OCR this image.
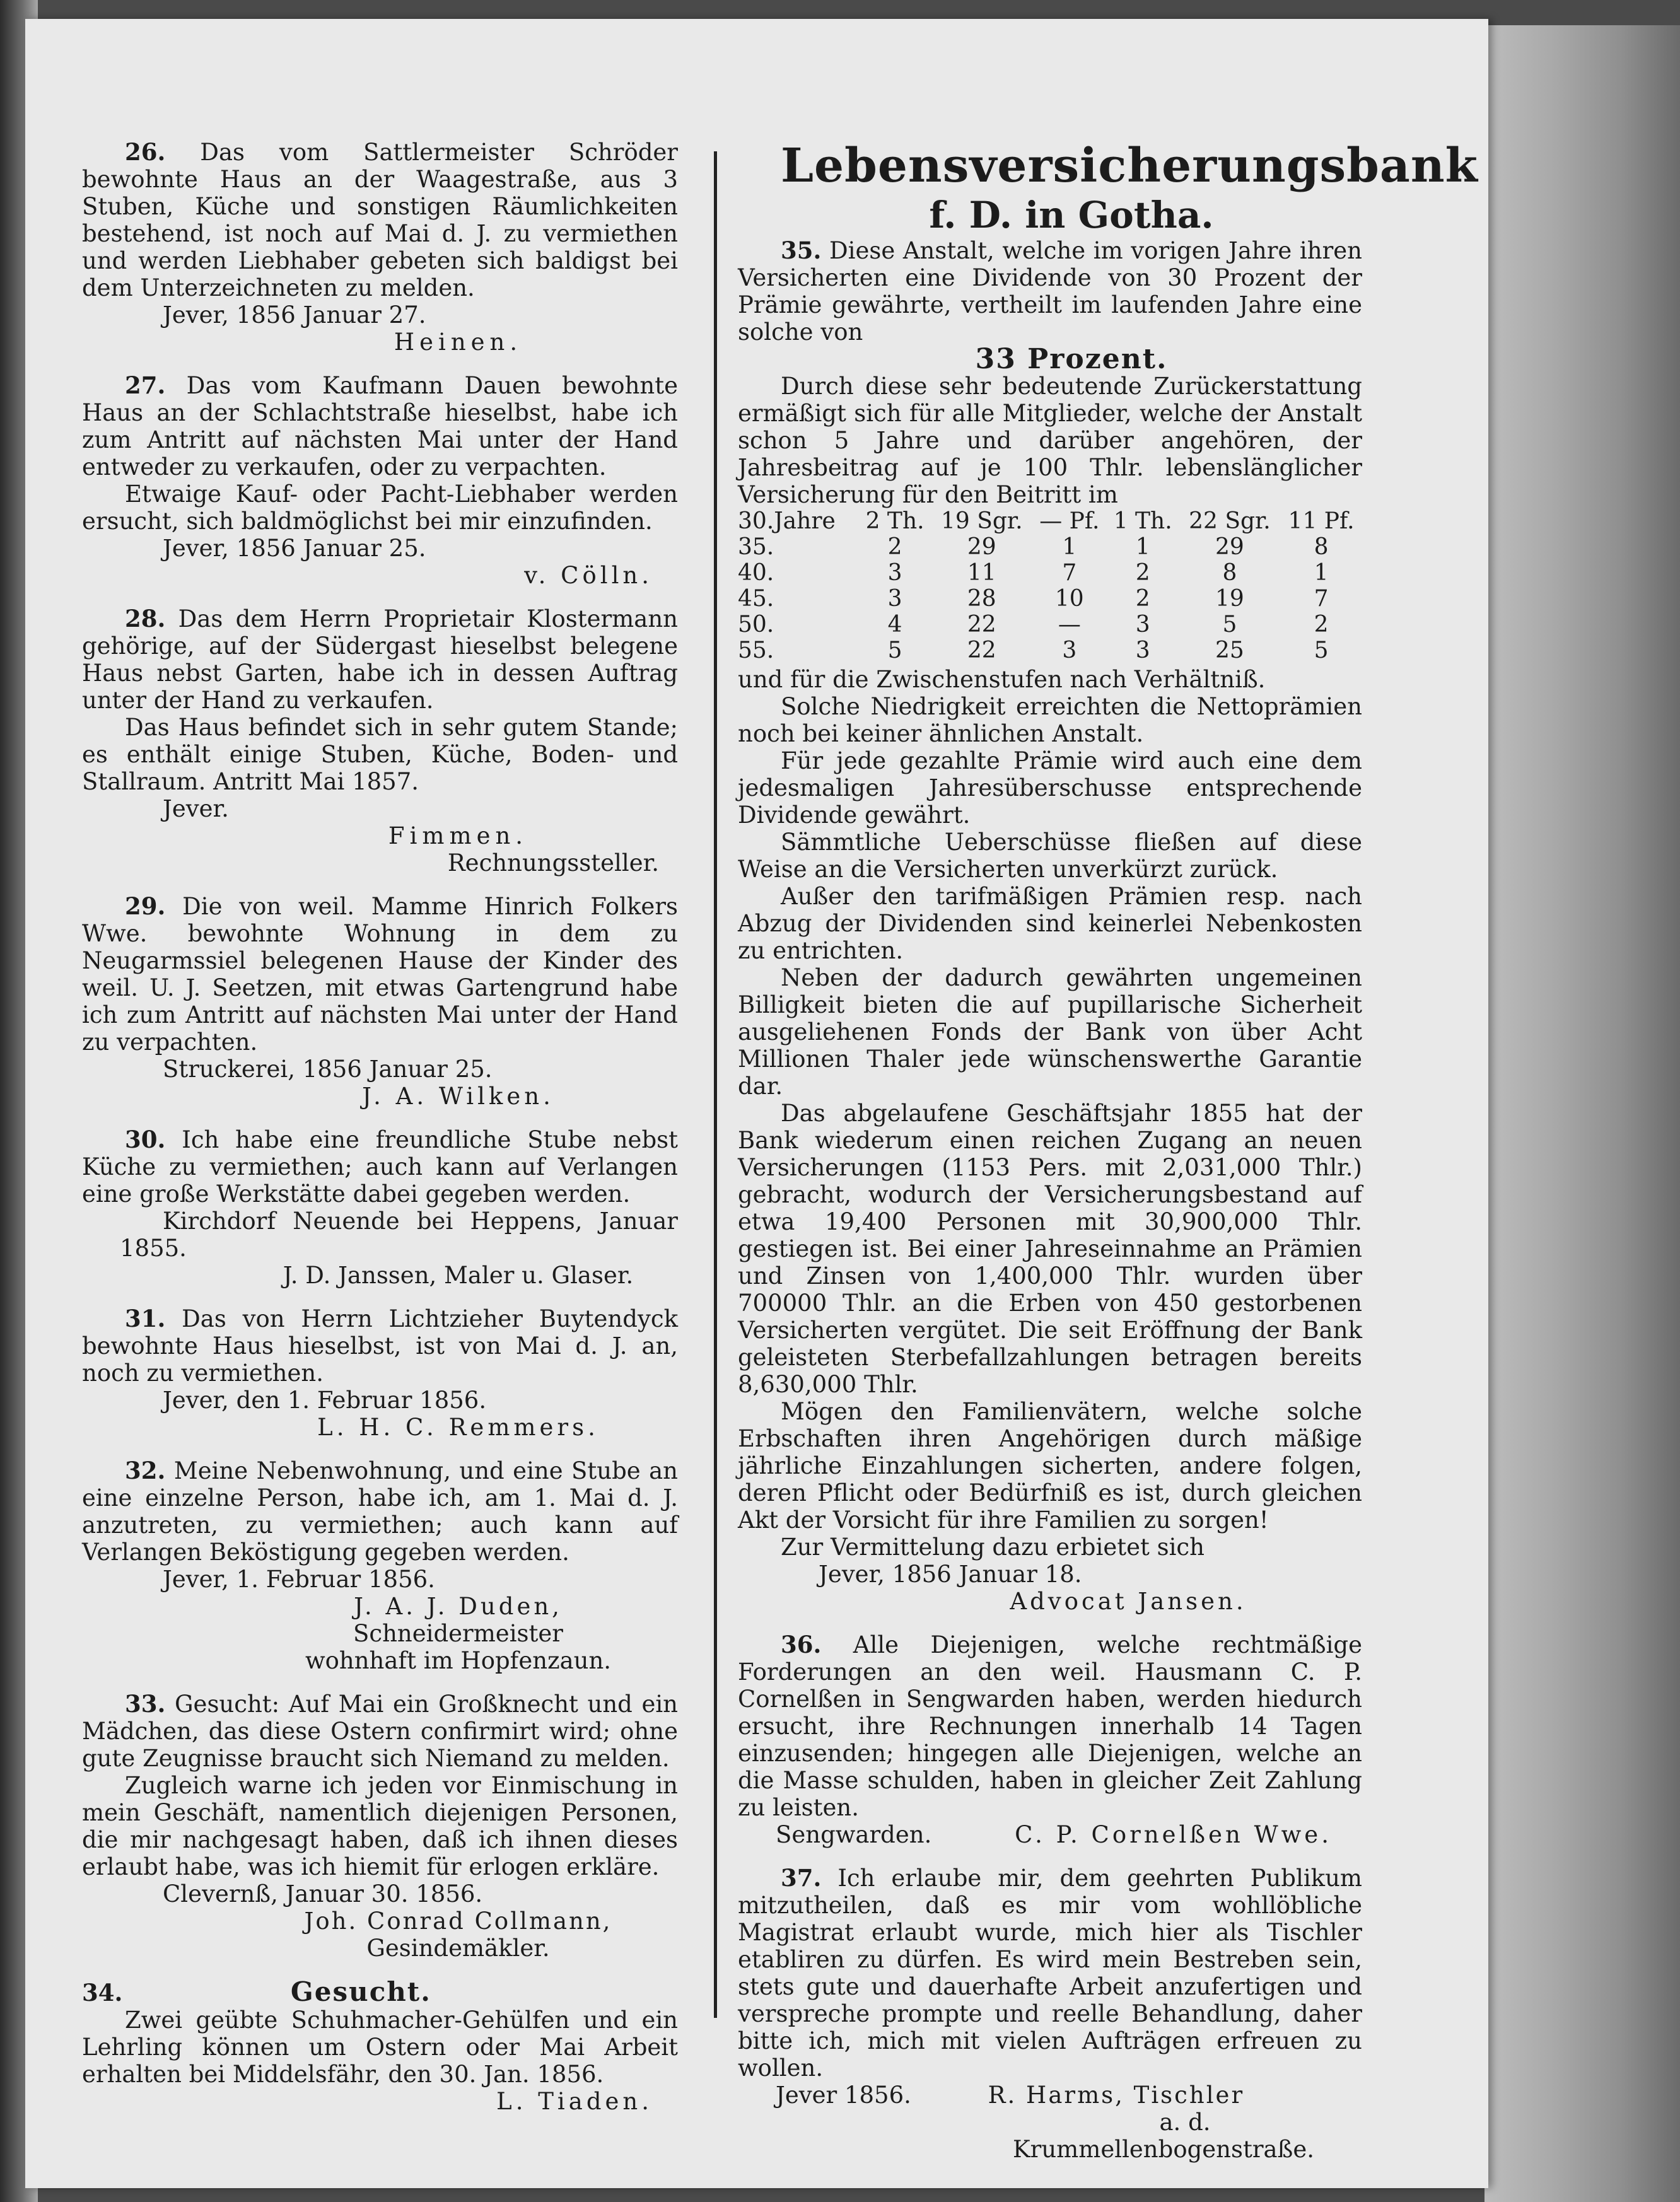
26. Das vom Sattlermeister Schröder bewohnte Haus an der Waagestraße, aus 3 Stuben, Küche und sonstigen Räumlichkeiten bestehend, ist noch auf Mai d. J. zu vermiethen und werden Liebhaber gebeten sich baldigst bei dem Unterzeichneten zu melden.

Jever, 1856 Januar 27.

Heinen.

27. Das vom Kaufmann Dauen bewohnte Haus an der Schlachtstraße hieselbst, habe ich zum Antritt auf nächsten Mai unter der Hand entweder zu verkaufen, oder zu verpachten.

Etwaige Kauf- oder Pacht-Liebhaber werden ersucht, sich baldmöglichst bei mir einzufinden.

Jever, 1856 Januar 25.

v. Cölln.

28. Das dem Herrn Proprietair Klostermann gehörige, auf der Südergast hieselbst belegene Haus nebst Garten, habe ich in dessen Auftrag unter der Hand zu verkaufen.

Das Haus befindet sich in sehr gutem Stande; es enthält einige Stuben, Küche, Boden- und Stallraum. Antritt Mai 1857.

Jever.

Fimmen.

Rechnungssteller.

29. Die von weil. Mamme Hinrich Folkers Wwe. bewohnte Wohnung in dem zu Neugarmssiel belegenen Hause der Kinder des weil. U. J. Seetzen, mit etwas Gartengrund habe ich zum Antritt auf nächsten Mai unter der Hand zu verpachten.

Struckerei, 1856 Januar 25.

J. A. Wilken.

30. Ich habe eine freundliche Stube nebst Küche zu vermiethen; auch kann auf Verlangen eine große Werkstätte dabei gegeben werden.

Kirchdorf Neuende bei Heppens, Januar 1855.

J. D. Janssen, Maler u. Glaser.

31. Das von Herrn Lichtzieher Buytendyck bewohnte Haus hieselbst, ist von Mai d. J. an, noch zu vermiethen.

Jever, den 1. Februar 1856.

L. H. C. Remmers.

32. Meine Nebenwohnung, und eine Stube an eine einzelne Person, habe ich, am 1. Mai d. J. anzutreten, zu vermiethen; auch kann auf Verlangen Beköstigung gegeben werden.

Jever, 1. Februar 1856.

J. A. J. Duden,

Schneidermeister

wohnhaft im Hopfenzaun.

33. Gesucht: Auf Mai ein Großknecht und ein Mädchen, das diese Ostern confirmirt wird; ohne gute Zeugnisse braucht sich Niemand zu melden.

Zugleich warne ich jeden vor Einmischung in mein Geschäft, namentlich diejenigen Personen, die mir nachgesagt haben, daß ich ihnen dieses erlaubt habe, was ich hiemit für erlogen erkläre.

Clevernß, Januar 30. 1856.

Joh. Conrad Collmann,

Gesindemäkler.

34.	Gesucht.

Zwei geübte Schuhmacher-Gehülfen und ein Lehrling können um Ostern oder Mai Arbeit erhalten bei Middelsfähr, den 30. Jan. 1856.

L. Tiaden.

Lebensversicherungsbank

f. D. in Gotha.

35. Diese Anstalt, welche im vorigen Jahre ihren Versicherten eine Dividende von 30 Prozent der Prämie gewährte, vertheilt im laufenden Jahre eine solche von

33 Prozent.

Durch diese sehr bedeutende Zurückerstattung ermäßigt sich für alle Mitglieder, welche der Anstalt schon 5 Jahre und darüber angehören, der Jahresbeitrag auf je 100 Thlr. lebenslänglicher Versicherung für den Beitritt im

30.Jahre	2 Th.	19 Sgr.	— Pf.	1 Th.	22 Sgr.	11 Pf.
35.	2	29	1	1	29	8
40.	3	11	7	2	8	1
45.	3	28	10	2	19	7
50.	4	22	—	3	5	2
55.	5	22	3	3	25	5

und für die Zwischenstufen nach Verhältniß.

Solche Niedrigkeit erreichten die Nettoprämien noch bei keiner ähnlichen Anstalt.

Für jede gezahlte Prämie wird auch eine dem jedesmaligen Jahresüberschusse entsprechende Dividende gewährt.

Sämmtliche Ueberschüsse fließen auf diese Weise an die Versicherten unverkürzt zurück.

Außer den tarifmäßigen Prämien resp. nach Abzug der Dividenden sind keinerlei Nebenkosten zu entrichten.

Neben der dadurch gewährten ungemeinen Billigkeit bieten die auf pupillarische Sicherheit ausgeliehenen Fonds der Bank von über Acht Millionen Thaler jede wünschenswerthe Garantie dar.

Das abgelaufene Geschäftsjahr 1855 hat der Bank wiederum einen reichen Zugang an neuen Versicherungen (1153 Pers. mit 2,031,000 Thlr.) gebracht, wodurch der Versicherungsbestand auf etwa 19,400 Personen mit 30,900,000 Thlr. gestiegen ist. Bei einer Jahreseinnahme an Prämien und Zinsen von 1,400,000 Thlr. wurden über 700000 Thlr. an die Erben von 450 gestorbenen Versicherten vergütet. Die seit Eröffnung der Bank geleisteten Sterbefallzahlungen betragen bereits 8,630,000 Thlr.

Mögen den Familienvätern, welche solche Erbschaften ihren Angehörigen durch mäßige jährliche Einzahlungen sicherten, andere folgen, deren Pflicht oder Bedürfniß es ist, durch gleichen Akt der Vorsicht für ihre Familien zu sorgen!

Zur Vermittelung dazu erbietet sich

Jever, 1856 Januar 18.

Advocat Jansen.

36. Alle Diejenigen, welche rechtmäßige Forderungen an den weil. Hausmann C. P. Cornelßen in Sengwarden haben, werden hiedurch ersucht, ihre Rechnungen innerhalb 14 Tagen einzusenden; hingegen alle Diejenigen, welche an die Masse schulden, haben in gleicher Zeit Zahlung zu leisten.

Sengwarden.	C. P. Cornelßen Wwe.

37. Ich erlaube mir, dem geehrten Publikum mitzutheilen, daß es mir vom wohllöbliche Magistrat erlaubt wurde, mich hier als Tischler etabliren zu dürfen. Es wird mein Bestreben sein, stets gute und dauerhafte Arbeit anzufertigen und verspreche prompte und reelle Behandlung, daher bitte ich, mich mit vielen Aufträgen erfreuen zu wollen.

Jever 1856.	R. Harms, Tischler

a. d. Krummellenbogenstraße.
